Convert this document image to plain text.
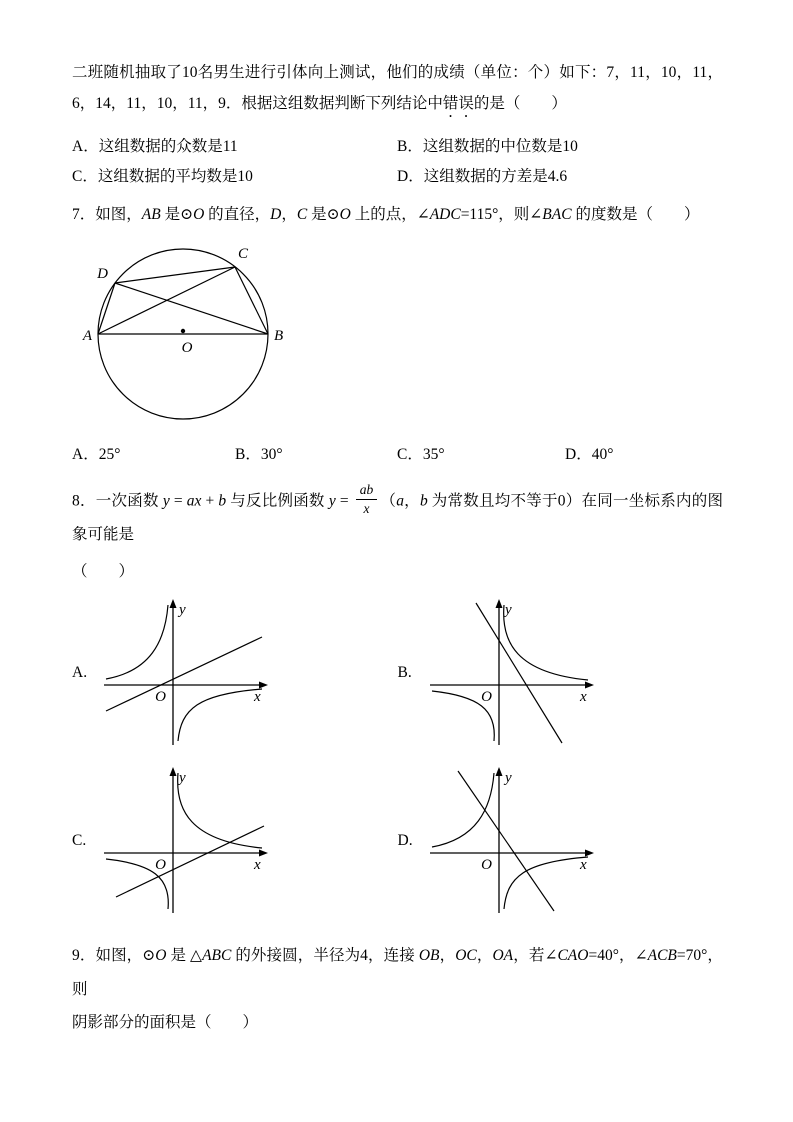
二班随机抽取了10名男生进行引体向上测试，他们的成绩（单位：个）如下：7，11，10，11，6，14，11，10，11，9．根据这组数据判断下列结论中错误的是（　　）

A．这组数据的众数是11	B．这组数据的中位数是10
C．这组数据的平均数是10	D．这组数据的方差是4.6

7．如图，AB 是⊙O 的直径，D，C 是⊙O 上的点，∠ADC=115°，则∠BAC 的度数是（　　）

A	B
C
D
O
A．25°	B．30°	C．35°	D．40°

8．一次函数 y = ax + b 与反比例函数 $y = \frac{ab}{x} (a$，b 为常数且均不等于0）在同一坐标系内的图象可能是

（　　）

A.
y
x
O
B.
y
x
O
C.
y
x
O
D.
y
x
O

9．如图，⊙O 是 △ABC 的外接圆，半径为4，连接 OB，OC，OA，若∠CAO=40°，∠ACB=70°，则

阴影部分的面积是（　　）
